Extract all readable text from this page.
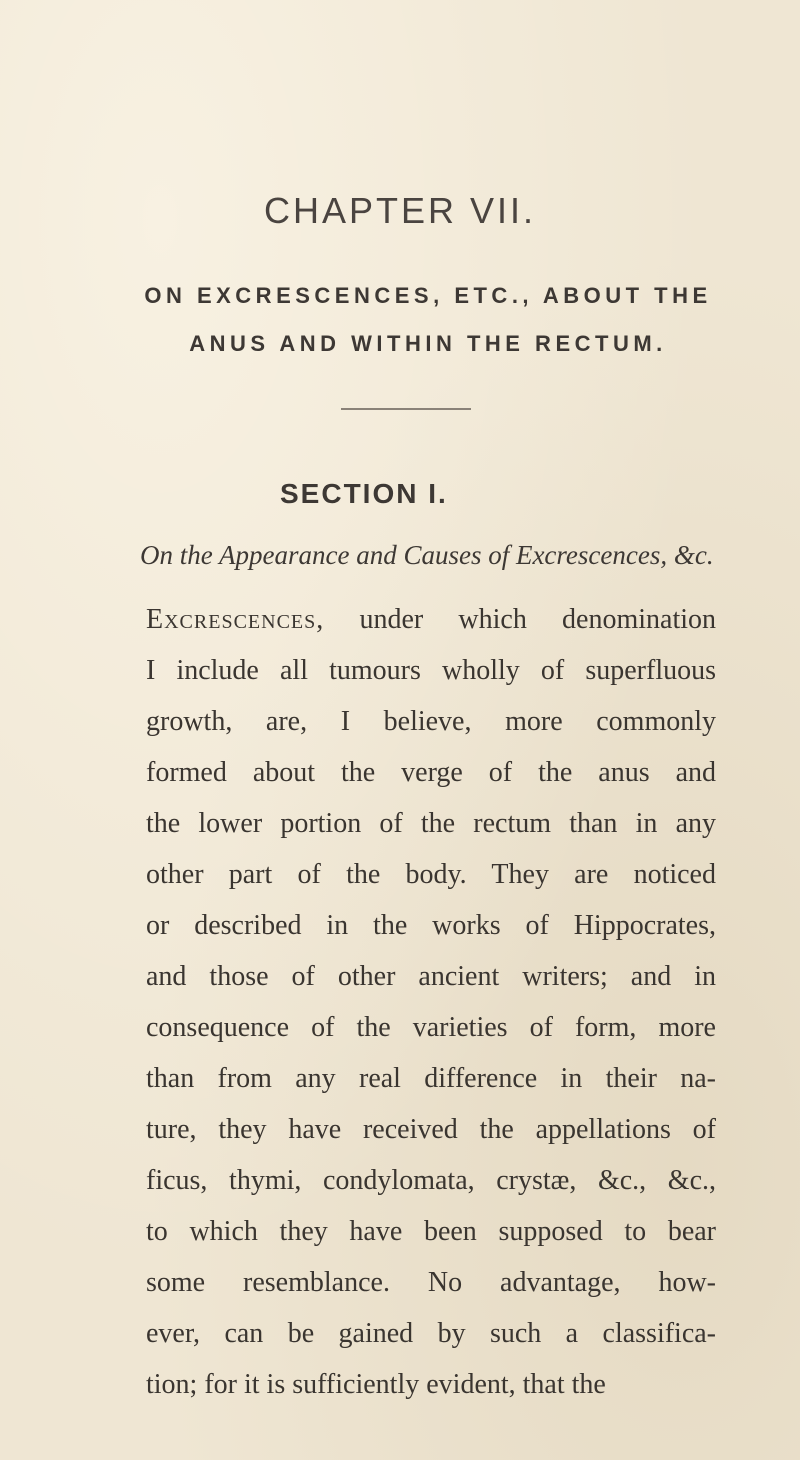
CHAPTER VII.
ON EXCRESCENCES, ETC., ABOUT THE
ANUS AND WITHIN THE RECTUM.
SECTION I.
On the Appearance and Causes of Excrescences, &c.
Excrescences, under which denomination
I include all tumours wholly of superfluous
growth, are, I believe, more commonly
formed about the verge of the anus and
the lower portion of the rectum than in any
other part of the body. They are noticed
or described in the works of Hippocrates,
and those of other ancient writers; and in
consequence of the varieties of form, more
than from any real difference in their na-
ture, they have received the appellations of
ficus, thymi, condylomata, crystæ, &c., &c.,
to which they have been supposed to bear
some resemblance. No advantage, how-
ever, can be gained by such a classifica-
tion; for it is sufficiently evident, that the
